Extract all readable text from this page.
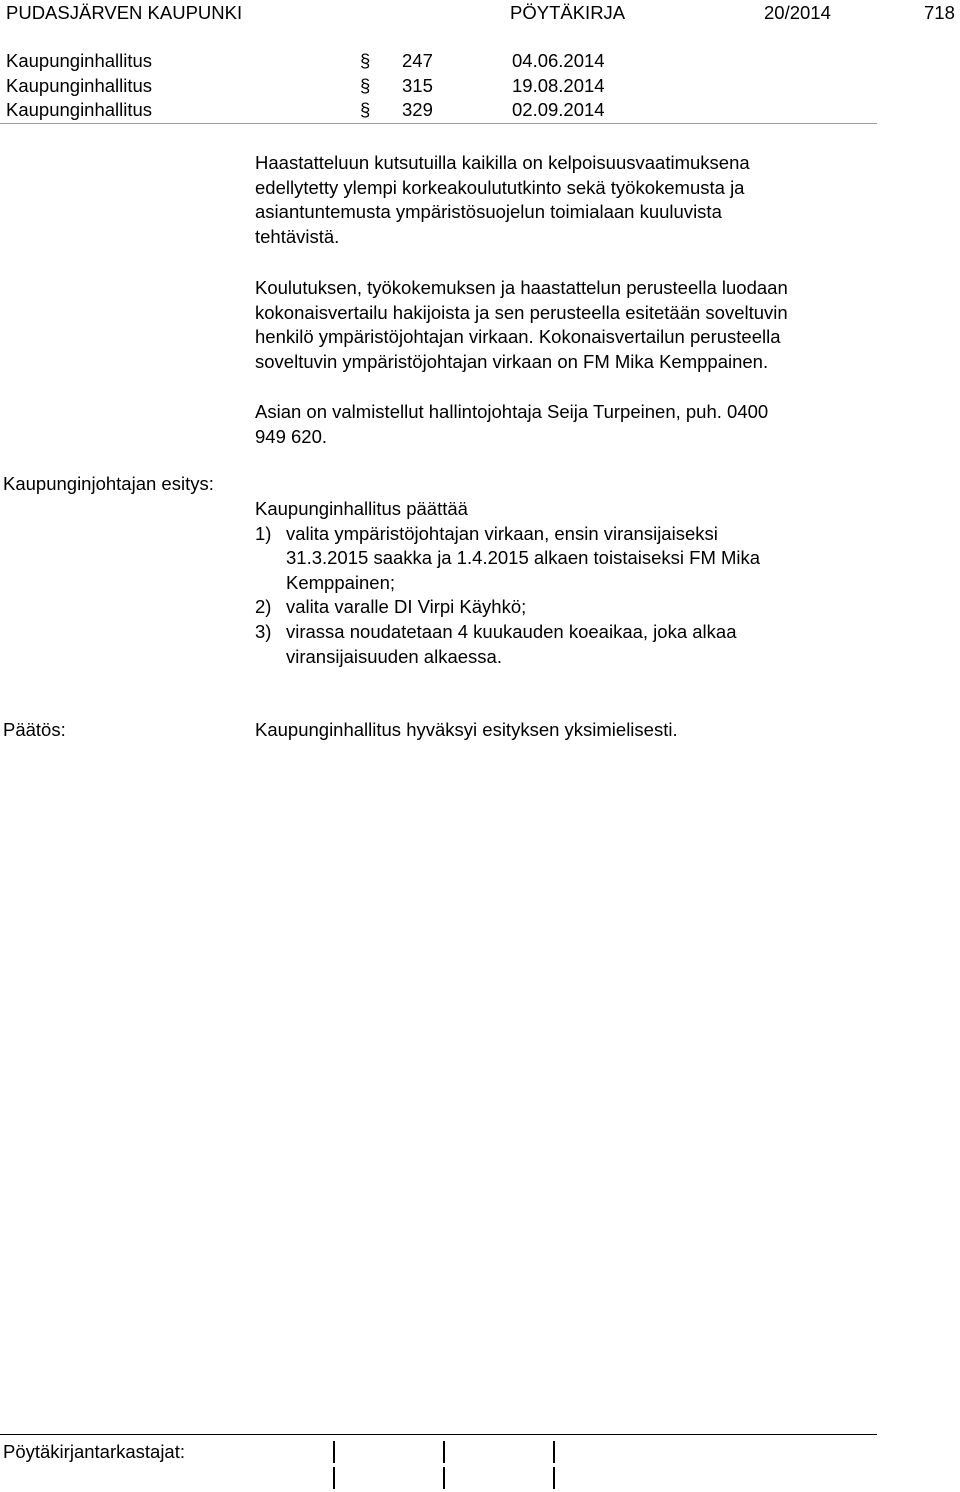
PUDASJÄRVEN KAUPUNKI	PÖYTÄKIRJA	20/2014	718
Kaupunginhallitus	§ 247	04.06.2014
Kaupunginhallitus	§ 315	19.08.2014
Kaupunginhallitus	§ 329	02.09.2014

Haastatteluun kutsutuilla kaikilla on kelpoisuusvaatimuksena

edellytetty ylempi korkeakoulututkinto sekä työkokemusta ja

asiantuntemusta ympäristösuojelun toimialaan kuuluvista

tehtävistä.

Koulutuksen, työkokemuksen ja haastattelun perusteella luodaan

kokonaisvertailu hakijoista ja sen perusteella esitetään soveltuvin

henkilö ympäristöjohtajan virkaan. Kokonaisvertailun perusteella

soveltuvin ympäristöjohtajan virkaan on FM Mika Kemppainen.

Asian on valmistellut hallintojohtaja Seija Turpeinen, puh. 0400

949 620.

Kaupunginjohtajan esitys:
Kaupunginhallitus päättää
1) valita ympäristöjohtajan virkaan, ensin viransijaiseksi
31.3.2015 saakka ja 1.4.2015 alkaen toistaiseksi FM Mika
Kemppainen;
2) valita varalle DI Virpi Käyhkö;
3) virassa noudatetaan 4 kuukauden koeaikaa, joka alkaa
viransijaisuuden alkaessa.
Päätös:	Kaupunginhallitus hyväksyi esityksen yksimielisesti.
Pöytäkirjantarkastajat:
